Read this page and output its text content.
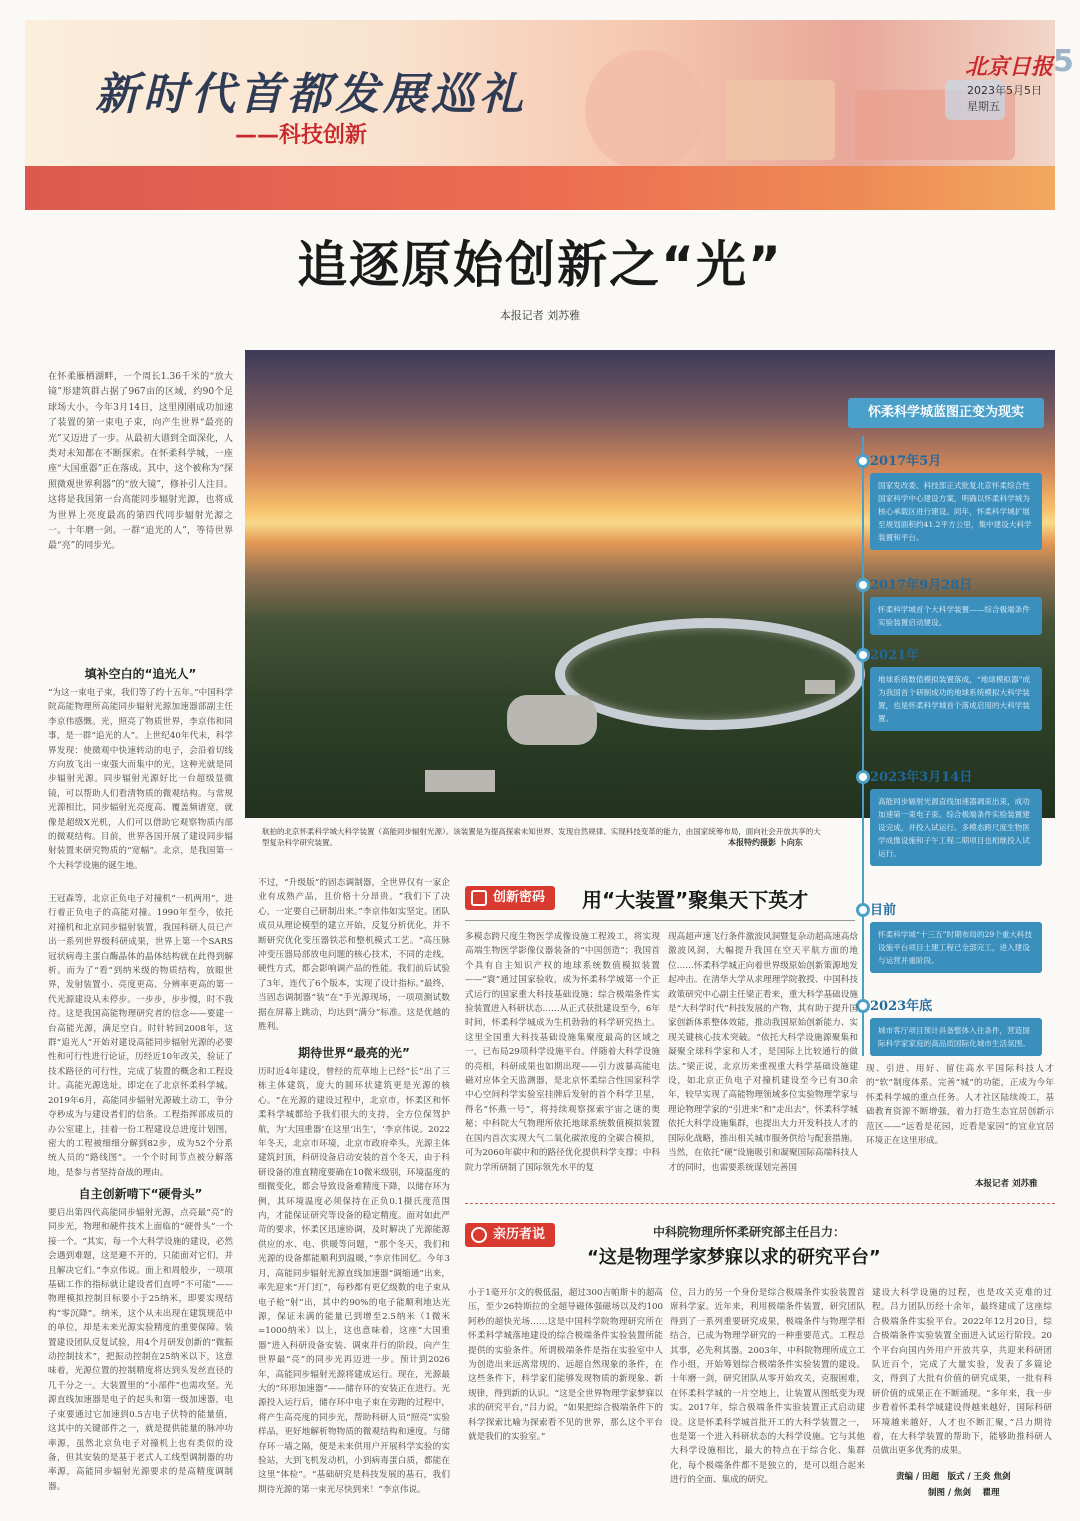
新时代首都发展巡礼
——科技创新
北京日报
2023年5月5日 星期五
5
追逐原始创新之“光”
本报记者 刘苏雅
在怀柔雁栖湖畔，一个周长1.36千米的“放大镜”形建筑群占据了967亩的区域，约90个足球场大小。今年3月14日，这里刚刚成功加速了装置的第一束电子束，向产生世界“最亮的光”又迈进了一步。从最初大谱到全面深化，人类对未知都在不断探索。在怀柔科学城，一座座“大国重器”正在落成。其中，这个被称为“探照微观世界利器”的“放大镜”，修补引人注目。这将是我国第一台高能同步辐射光源，也将成为世界上亮度最高的第四代同步辐射光源之一。十年磨一剑。一群“追光的人”，等待世界最“亮”的同步光。
填补空白的“追光人”
“为这一束电子束，我们等了约十五年。”中国科学院高能物理所高能同步辐射光源加速器部副主任李京伟感慨。光，照亮了物质世界，李京伟和同事，是一群“追光的人”。上世纪40年代末，科学界发现：使微观中快速转动的电子，会沿着切线方向放飞出一束强大而集中的光，这种光就是同步辐射光源。同步辐射光源好比一台超级显微镜，可以帮助人们看清物质的微观结构。与常规光源相比，同步辐射光亮度高、覆盖频谱宽，就像是超级X光机，人们可以借助它观察物质内部的微观结构。目前，世界各国开展了建设同步辐射装置来研究物质的“宽幅”。北京，是我国第一个大科学设施的诞生地。
王冠森等，北京正负电子对撞机“一机两用”，进行着正负电子的高能对撞。1990年至今，依托对撞机和北京同步辐射装置，我国科研人员已产出一系列世界级科研成果，世界上第一个SARS冠状病毒主蛋白酶晶体的晶体结构就在此得到解析。而为了“看”到纳米级的物质结构，放眼世界，发射装置小、亮度更高、分辨率更高的第一代光源建设从未停步。一步步，步步慢，时不我待。这是我国高能物理研究者的信念——要建一台高能光源，满足空白。时针转回2008年，这群“追光人”开始对建设高能同步辐射光源的必要性和可行性进行论证，历经近10年改关，验证了技术路径的可行性，完成了装置的概念和工程设计。高能光源选址，即定在了北京怀柔科学城。2019年6月，高能同步辐射光源破土动工，争分夺秒成为与建设者们的信条。工程指挥部成员的办公室建上，挂着一份工程建设总进度计划图，密大的工程被细细分解到82步，成为52个分系统人员的“路线图”。一个个时间节点被分解落地，是参与者坚持奋战的理由。
自主创新啃下“硬骨头”
要启出第四代高能同步辐射光源，点亮最“亮”的同步光，物理和硬件技术上面临的“硬骨头”一个接一个。“其实，每一个大科学设施的建设，必然会遇到难题，这是避不开的，只能面对它们，并且解决它们。”李京伟说。面上和周般步，一项项基础工作的指标就让建设者们直呼“不可能”——物理模拟控制目标要小于25纳米，即要实现结构“零沉降”。纳米，这个从未出现在建筑规范中的单位，却是未来光源实验精度的重要保障。装置建设团队反复试验，用4个月研发创新的“微振动控制技术”，把振动控制在25纳米以下，这意味着，光源位置的控制精度将达到头发丝直径的几千分之一。大装置里的“小部件”也需攻坚。光源直线加速器是电子的起头和第一级加速器，电子束要通过它加速到0.5吉电子伏特的能量值，这其中的关键部件之一，就是提供能量的脉冲功率源，虽然北京负电子对撞机上也有类似的设备，但其安装的是基于老式人工线型调制器的功率源，高能同步辐射光源要求的是高精度调制器。
航拍的北京怀柔科学城大科学装置（高能同步辐射光源）。该装置是为提高探索未知世界、发现自然规律、实现科技变革的能力，由国家统筹布局，面向社会开放共享的大型复杂科学研究装置。	本报特约摄影 卜向东
怀柔科学城蓝图正变为现实
2017年5月
国家发改委、科技部正式批复北京怀柔综合性国家科学中心建设方案，明确以怀柔科学城为核心承载区进行建设。同年，怀柔科学城扩展至规划面积约41.2平方公里，集中建设大科学装置和平台。
2017年9月28日
怀柔科学城首个大科学装置——综合极端条件实验装置启动建设。
2021年
地球系统数值模拟装置落成，“地球模拟器”成为我国首个研制成功的地球系统模拟大科学装置，也是怀柔科学城首个落成启用的大科学装置。
2023年3月14日
高能同步辐射光源直线加速器调束出束，成功加速第一束电子束。综合极端条件实验装置建设完成，并投入试运行。多模态跨尺度生物医学成像设施和子午工程二期项目也相继投入试运行。
目前
怀柔科学城“十三五”时期布局的29个重大科技设施平台项目土建工程已全部完工，进入建设与运营并重阶段。
2023年底
城市客厅项目预计具备整体入住条件，营造国际科学家家庭的高品质国际化城市生活氛围。
不过，“升级版”的固态调制器，全世界仅有一家企业有成熟产品，且价格十分昂贵。“我们下了决心，一定要自己研制出来。”李京伟如实坚定。团队成员从理论模型的建立开始，反复分析优化，并不断研究优化变压器铁芯和整机模式工艺。“高压脉冲变压器局部放电问题的核心技术，不同的走线，硬性方式，都会影响调产品的性能。我们前后试验了3年，连代了6个版本，实现了设计指标。”最终，当固态调制器“装”在“手光源现场，一项项测试数据在屏幕上跳动，均达到“满分”标准。这是优越的胜利。
期待世界“最亮的光”
历时近4年建设，曾经的荒草地上已经“长”出了三栋主体建筑，庞大的圆环状建筑更是光源的核心。“在光源的建设过程中，北京市，怀柔区和怀柔科学城都给予我们很大的支持，全方位保驾护航，为‘大国重器’在这里‘出生’，‘李京伟说。2022年冬天，北京市环境，北京市政府牵头，光源主体建筑封顶，科研设备启动安装的首个冬天，由于科研设备的准直精度要确在10微米级别，环境温度的细微变化，都会导致设备难精度下降，以储存环为例，其环境温度必须保持在正负0.1摄氏度范围内，才能保证研究等设备的稳定精度。面对如此严苛的要求，怀柔区迅速协调，及时解决了光源能源供应的水、电、供暖等问题，“那个冬天，我们和光源的设备都能顺利到温暖，”李京伟回忆。今年3月，高能同步辐射光源直线加速器“调缩通”出来，率先迎来“开门红”，每秒都有更亿级数的电子束从电子枪“射”出，其中约90%的电子能顺利地达光源，保证未满的能量已到增至2.5纳米（1微米=1000纳米）以上，这也意味着，这座“大国重器”进入科研设备安装、调束并行的阶段，向产生世界最“亮”的同步光再迈进一步。预计到2026年，高能同步辐射光源将建成运行。现在，光源最大的“环形加速器”——储存环的安装正在进行。光源投入运行后，储存环中电子束在旁跑的过程中，将产生高亮度的同步光，帮助科研人员“照亮”实验样品，更好地解析物物质的微观结构和速度。与储存环一墙之隔，便是未来供用户开展科学实验的实验站，大到飞机发动机，小到病毒蛋白质，都能在这里“体检”。“基础研究是科技发展的基石，我们期待光源的第一束光尽快到来！”李京伟说。
创新密码	用“大装置”聚集天下英才
多模态跨尺度生物医学成像设施工程竣工，将实现高端生物医学影像仪器装备的“中国创造”；我国首个具有自主知识产权的地球系统数值模拟装置——“寰”通过国家验收，成为怀柔科学城第一个正式运行的国家重大科技基础设施；综合极端条件实验装置进入科研状态……从正式获批建设至今，6年时间，怀柔科学城成为生机勃勃的科学研究热土。这里全国重大科技基础设施集聚度最高的区域之一，已布局29项科学设施平台。伴随着大科学设施的亮相，科研成果也如期出现——引力波暴高能电磁对应体全天监测器，是北京怀柔综合性国家科学中心空间科学实验室挂牌后发射的首个科学卫星，得名“怀燕一号”，将持续观察探索宇宙之谜的奥秘；中科院大气物理所依托地球系统数值模拟装置在国内首次实现大气二氧化碳浓度的全碳合模拟，可为2060年碳中和的路径优化提供科学支撑；中科院力学所研制了国际领先水平的复
现高超声速飞行条件激波风洞暨复杂动超高速高焓激波风洞，大幅提升我国在空天平航方面的地位……怀柔科学城正向着世界级原始创新策源地发起冲击。在清华大学从求理理学院教授、中国科技政策研究中心副主任梁正看来，重大科学基础设施是“大科学时代”科技发展的产物，其有助于提升国家创新体系整体效能，推动我国原始创新能力、实现关键核心技术突破。“依托大科学设施源聚集和凝聚全球科学家和人才，是国际上比较通行的做法。”梁正说，北京历来重视重大科学基础设施建设，如北京正负电子对撞机建设至今已有30余年，较早实现了高能物理领域多位实验物理学家与理论物理学家的“引进来”和“走出去”，怀柔科学城依托大科学设施集群，也提出大力开发科技人才的国际化战略，推出相关城市服务供给与配套措施。当然，在依托“硬”设施吸引和凝聚国际高端科技人才的同时，也需要系统谋划完善国
现、引进、用好、留住高水平国际科技人才的“软”制度体系。完善“城”的功能，正成为今年怀柔科学城的重点任务。人才社区陆续竣工，基础教育资源不断增强，着力打造生态宜居创新示范区——“远看是花园，近看是家园”的宜业宜居环境正在这里形成。
本报记者 刘苏雅
亲历者说	中科院物理所怀柔研究部主任吕力：
“这是物理学家梦寐以求的研究平台”
小于1毫开尔文的极低温，超过300吉帕斯卡的超高压，至少26特斯拉的全超导磁体强磁场以及约100阿秒的超快光场……这是中国科学院物理研究所在怀柔科学城落地建设的综合极端条件实验装置所能提供的实验条件。所谓极端条件是指在实验室中人为创造出来远离常规的、远超自然现象的条件，在这些条件下，科学家们能够发现物质的新现象、新规律，得到新的认识。“这是全世界物理学家梦寐以求的研究平台，”吕力说，“如果把综合极端条件下的科学探索比喻为探索看不见的世界，那么这个平台就是我们的实验室。”
位，吕力的另一个身份是综合极端条件实验装置首席科学家。近年来，利用极端条件装置，研究团队得到了一系列重要研究成果，极端条件与物理学相结合，已成为物理学研究的一种重要范式。工程总其事，必先利其器。2003年，中科院物理所成立工作小组，开始筹划综合极端条件实验装置的建设。十年磨一剑，研究团队从零开始攻关，克服困难，在怀柔科学城的一片空地上，让装置从图纸变为现实。2017年，综合极端条件实验装置正式启动建设。这是怀柔科学城首批开工的大科学装置之一，也是第一个进入科研状态的大科学设施。它与其他大科学设施相比，最大的特点在于综合化、集群化，每个极端条件都不是独立的，是可以组合起来进行的全面、集成的研究。
建设大科学设施的过程，也是攻关克难的过程。吕力团队历经十余年，最终建成了这座综合极端条件实验平台。2022年12月20日，综合极端条件实验装置全面进入试运行阶段。20个平台向国内外用户开放共享，共迎来科研团队近百个，完成了大量实验，发表了多篇论文，得到了大批有价值的研究成果，一批有科研价值的成果正在不断涌现。“多年来，我一步步看着怀柔科学城建设得越来越好，国际科研环境越来越好，人才也不断汇聚，”吕力期待着，在大科学装置的帮助下，能够助推科研人员做出更多优秀的成果。
责编 / 田超　版式 / 王炎 焦剑
制图 / 焦剑　 瞿理
